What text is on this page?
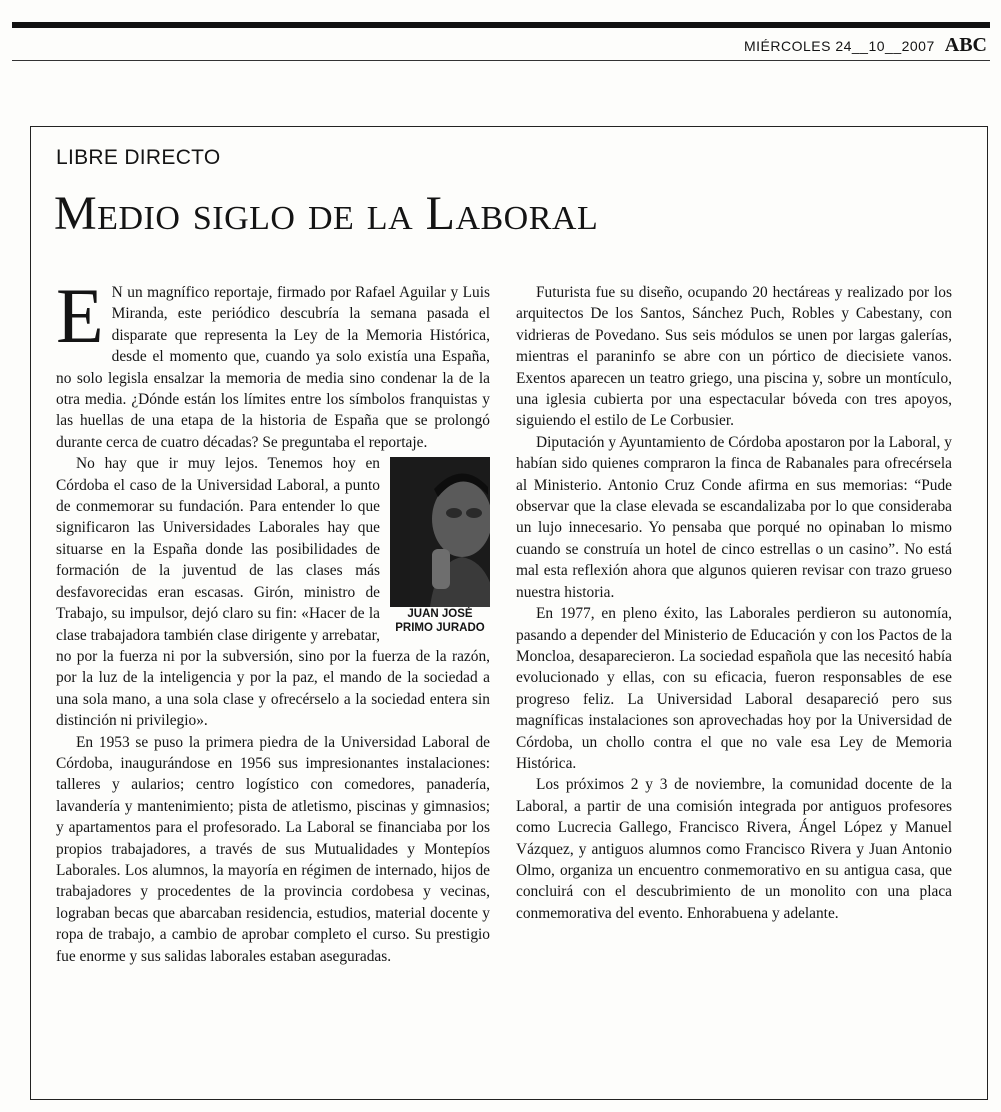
MIÉRCOLES 24__10__2007 ABC
LIBRE DIRECTO
Medio siglo de la Laboral

E N un magnífico reportaje, firmado por Rafael Aguilar y Luis Miranda, este periódico descubría la semana pasada el disparate que representa la Ley de la Memoria Histórica, desde el momento que, cuando ya solo existía una España, no solo legisla ensalzar la memoria de media sino condenar la de la otra media. ¿Dónde están los límites entre los símbolos franquistas y las huellas de una etapa de la historia de España que se prolongó durante cerca de cuatro décadas? Se preguntaba el reportaje.

JUAN JOSÉ
PRIMO JURADO
No hay que ir muy lejos. Tenemos hoy en Córdoba el caso de la Universidad Laboral, a punto de conmemorar su fundación. Para entender lo que significaron las Universidades Laborales hay que situarse en la España donde las posibilidades de formación de la juventud de las clases más desfavorecidas eran escasas. Girón, ministro de Trabajo, su impulsor, dejó claro su fin: «Hacer de la clase trabajadora también clase dirigente y arrebatar, no por la fuerza ni por la subversión, sino por la fuerza de la razón, por la luz de la inteligencia y por la paz, el mando de la sociedad a una sola mano, a una sola clase y ofrecérselo a la sociedad entera sin distinción ni privilegio».

En 1953 se puso la primera piedra de la Universidad Laboral de Córdoba, inaugurándose en 1956 sus impresionantes instalaciones: talleres y aularios; centro logístico con comedores, panadería, lavandería y mantenimiento; pista de atletismo, piscinas y gimnasios; y apartamentos para el profesorado. La Laboral se financiaba por los propios trabajadores, a través de sus Mutualidades y Montepíos Laborales. Los alumnos, la mayoría en régimen de internado, hijos de trabajadores y procedentes de la provincia cordobesa y vecinas, lograban becas que abarcaban residencia, estudios, material docente y ropa de trabajo, a cambio de aprobar completo el curso. Su prestigio fue enorme y sus salidas laborales estaban aseguradas.

Futurista fue su diseño, ocupando 20 hectáreas y realizado por los arquitectos De los Santos, Sánchez Puch, Robles y Cabestany, con vidrieras de Povedano. Sus seis módulos se unen por largas galerías, mientras el paraninfo se abre con un pórtico de diecisiete vanos. Exentos aparecen un teatro griego, una piscina y, sobre un montículo, una iglesia cubierta por una espectacular bóveda con tres apoyos, siguiendo el estilo de Le Corbusier.

Diputación y Ayuntamiento de Córdoba apostaron por la Laboral, y habían sido quienes compraron la finca de Rabanales para ofrecérsela al Ministerio. Antonio Cruz Conde afirma en sus memorias: “Pude observar que la clase elevada se escandalizaba por lo que consideraba un lujo innecesario. Yo pensaba que porqué no opinaban lo mismo cuando se construía un hotel de cinco estrellas o un casino”. No está mal esta reflexión ahora que algunos quieren revisar con trazo grueso nuestra historia.

En 1977, en pleno éxito, las Laborales perdieron su autonomía, pasando a depender del Ministerio de Educación y con los Pactos de la Moncloa, desaparecieron. La sociedad española que las necesitó había evolucionado y ellas, con su eficacia, fueron responsables de ese progreso feliz. La Universidad Laboral desapareció pero sus magníficas instalaciones son aprovechadas hoy por la Universidad de Córdoba, un chollo contra el que no vale esa Ley de Memoria Histórica.

Los próximos 2 y 3 de noviembre, la comunidad docente de la Laboral, a partir de una comisión integrada por antiguos profesores como Lucrecia Gallego, Francisco Rivera, Ángel López y Manuel Vázquez, y antiguos alumnos como Francisco Rivera y Juan Antonio Olmo, organiza un encuentro conmemorativo en su antigua casa, que concluirá con el descubrimiento de un monolito con una placa conmemorativa del evento. Enhorabuena y adelante.
